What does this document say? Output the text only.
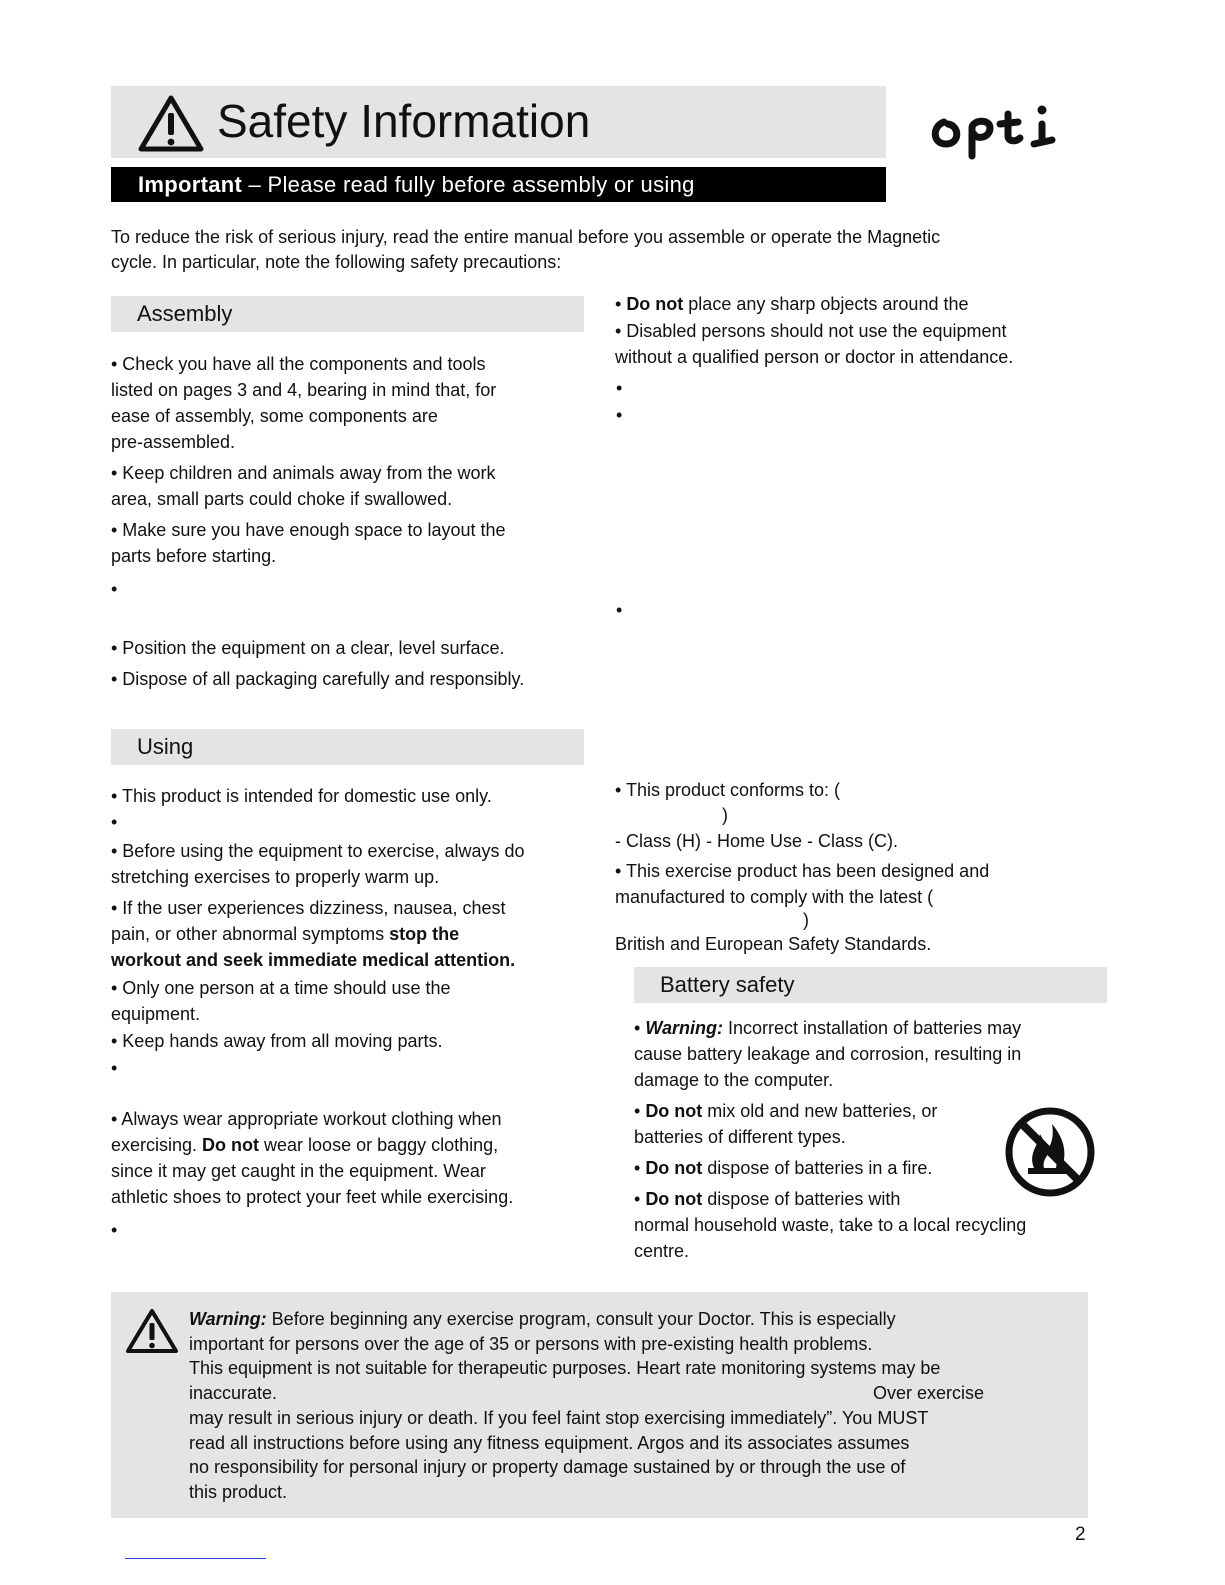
Safety Information
Important – Please read fully before assembly or using
To reduce the risk of serious injury, read the entire manual before you assemble or operate the Magnetic
cycle. In particular, note the following safety precautions:
Assembly
• Check you have all the components and tools
listed on pages 3 and 4, bearing in mind that, for
ease of assembly, some components are
pre-assembled.
• Keep children and animals away from the work
area, small parts could choke if swallowed.
• Make sure you have enough space to layout the
parts before starting.
•
• Position the equipment on a clear, level surface.
• Dispose of all packaging carefully and responsibly.
• Do not place any sharp objects around the
• Disabled persons should not use the equipment
without a qualified person or doctor in attendance.
•
•
•
Using
• This product is intended for domestic use only.
•
• Before using the equipment to exercise, always do
stretching exercises to properly warm up.
• If the user experiences dizziness, nausea, chest
pain, or other abnormal symptoms stop the
workout and seek immediate medical attention.
• Only one person at a time should use the
equipment.
• Keep hands away from all moving parts.
•
• Always wear appropriate workout clothing when
exercising. Do not wear loose or baggy clothing,
since it may get caught in the equipment. Wear
athletic shoes to protect your feet while exercising.
•
• This product conforms to: (
)
- Class (H) - Home Use - Class (C).
• This exercise product has been designed and
manufactured to comply with the latest (
)
British and European Safety Standards.
Battery safety
• Warning: Incorrect installation of batteries may
cause battery leakage and corrosion, resulting in
damage to the computer.
• Do not mix old and new batteries, or
batteries of different types.
• Do not dispose of batteries in a fire.
• Do not dispose of batteries with
normal household waste, take to a local recycling
centre.
Warning: Before beginning any exercise program, consult your Doctor. This is especially
important for persons over the age of 35 or persons with pre-existing health problems.
This equipment is not suitable for therapeutic purposes. Heart rate monitoring systems may be
inaccurate.	Over exercise
may result in serious injury or death. If you feel faint stop exercising immediately”. You MUST
read all instructions before using any fitness equipment. Argos and its associates assumes
no responsibility for personal injury or property damage sustained by or through the use of
this product.
2
